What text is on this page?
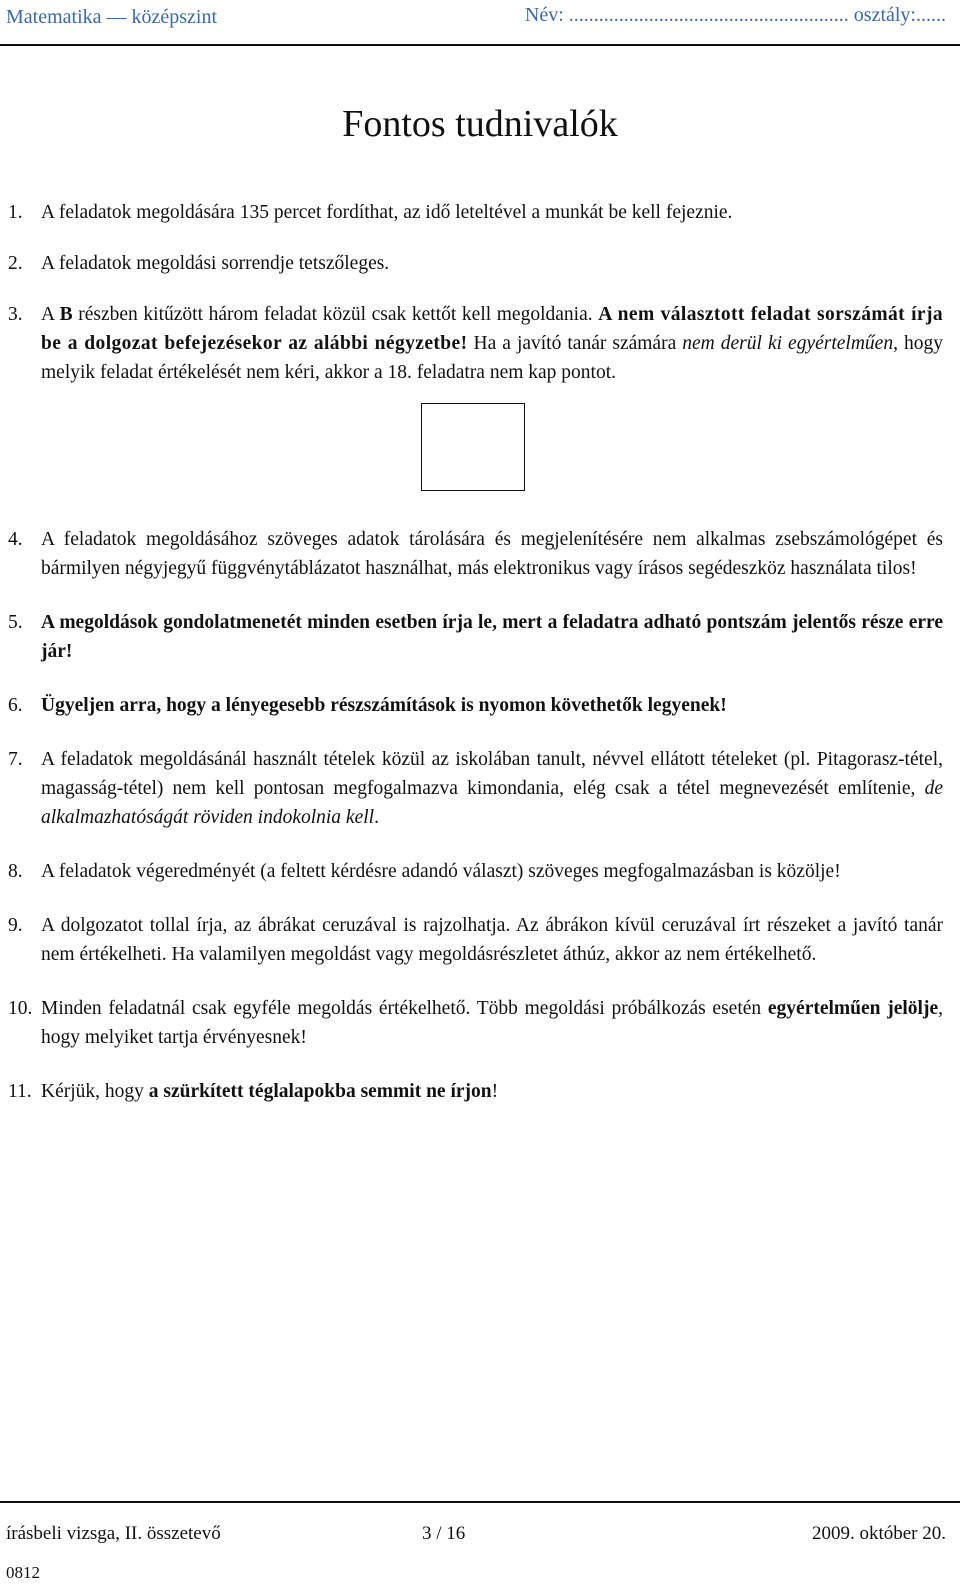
Matematika — középszint	Név: ........................................................ osztály:......
Fontos tudnivalók
1. A feladatok megoldására 135 percet fordíthat, az idő leteltével a munkát be kell fejeznie.
2. A feladatok megoldási sorrendje tetszőleges.
3. A B részben kitűzött három feladat közül csak kettőt kell megoldania. A nem választott feladat sorszámát írja be a dolgozat befejezésekor az alábbi négyzetbe! Ha a javító tanár számára nem derül ki egyértelműen, hogy melyik feladat értékelését nem kéri, akkor a 18. feladatra nem kap pontot.
4. A feladatok megoldásához szöveges adatok tárolására és megjelenítésére nem alkalmas zsebszámológépet és bármilyen négyjegyű függvénytáblázatot használhat, más elektronikus vagy írásos segédeszköz használata tilos!
5. A megoldások gondolatmenetét minden esetben írja le, mert a feladatra adható pontszám jelentős része erre jár!
6. Ügyeljen arra, hogy a lényegesebb részszámítások is nyomon követhetők legyenek!
7. A feladatok megoldásánál használt tételek közül az iskolában tanult, névvel ellátott tételeket (pl. Pitagorasz-tétel, magasság-tétel) nem kell pontosan megfogalmazva kimondania, elég csak a tétel megnevezését említenie, de alkalmazhatóságát röviden indokolnia kell.
8. A feladatok végeredményét (a feltett kérdésre adandó választ) szöveges megfogalmazásban is közölje!
9. A dolgozatot tollal írja, az ábrákat ceruzával is rajzolhatja. Az ábrákon kívül ceruzával írt részeket a javító tanár nem értékelheti. Ha valamilyen megoldást vagy megoldásrészletet áthúz, akkor az nem értékelhető.
10. Minden feladatnál csak egyféle megoldás értékelhető. Több megoldási próbálkozás esetén egyértelműen jelölje, hogy melyiket tartja érvényesnek!
11. Kérjük, hogy a szürkített téglalapokba semmit ne írjon!
írásbeli vizsga, II. összetevő	3 / 16	2009. október 20.
0812
